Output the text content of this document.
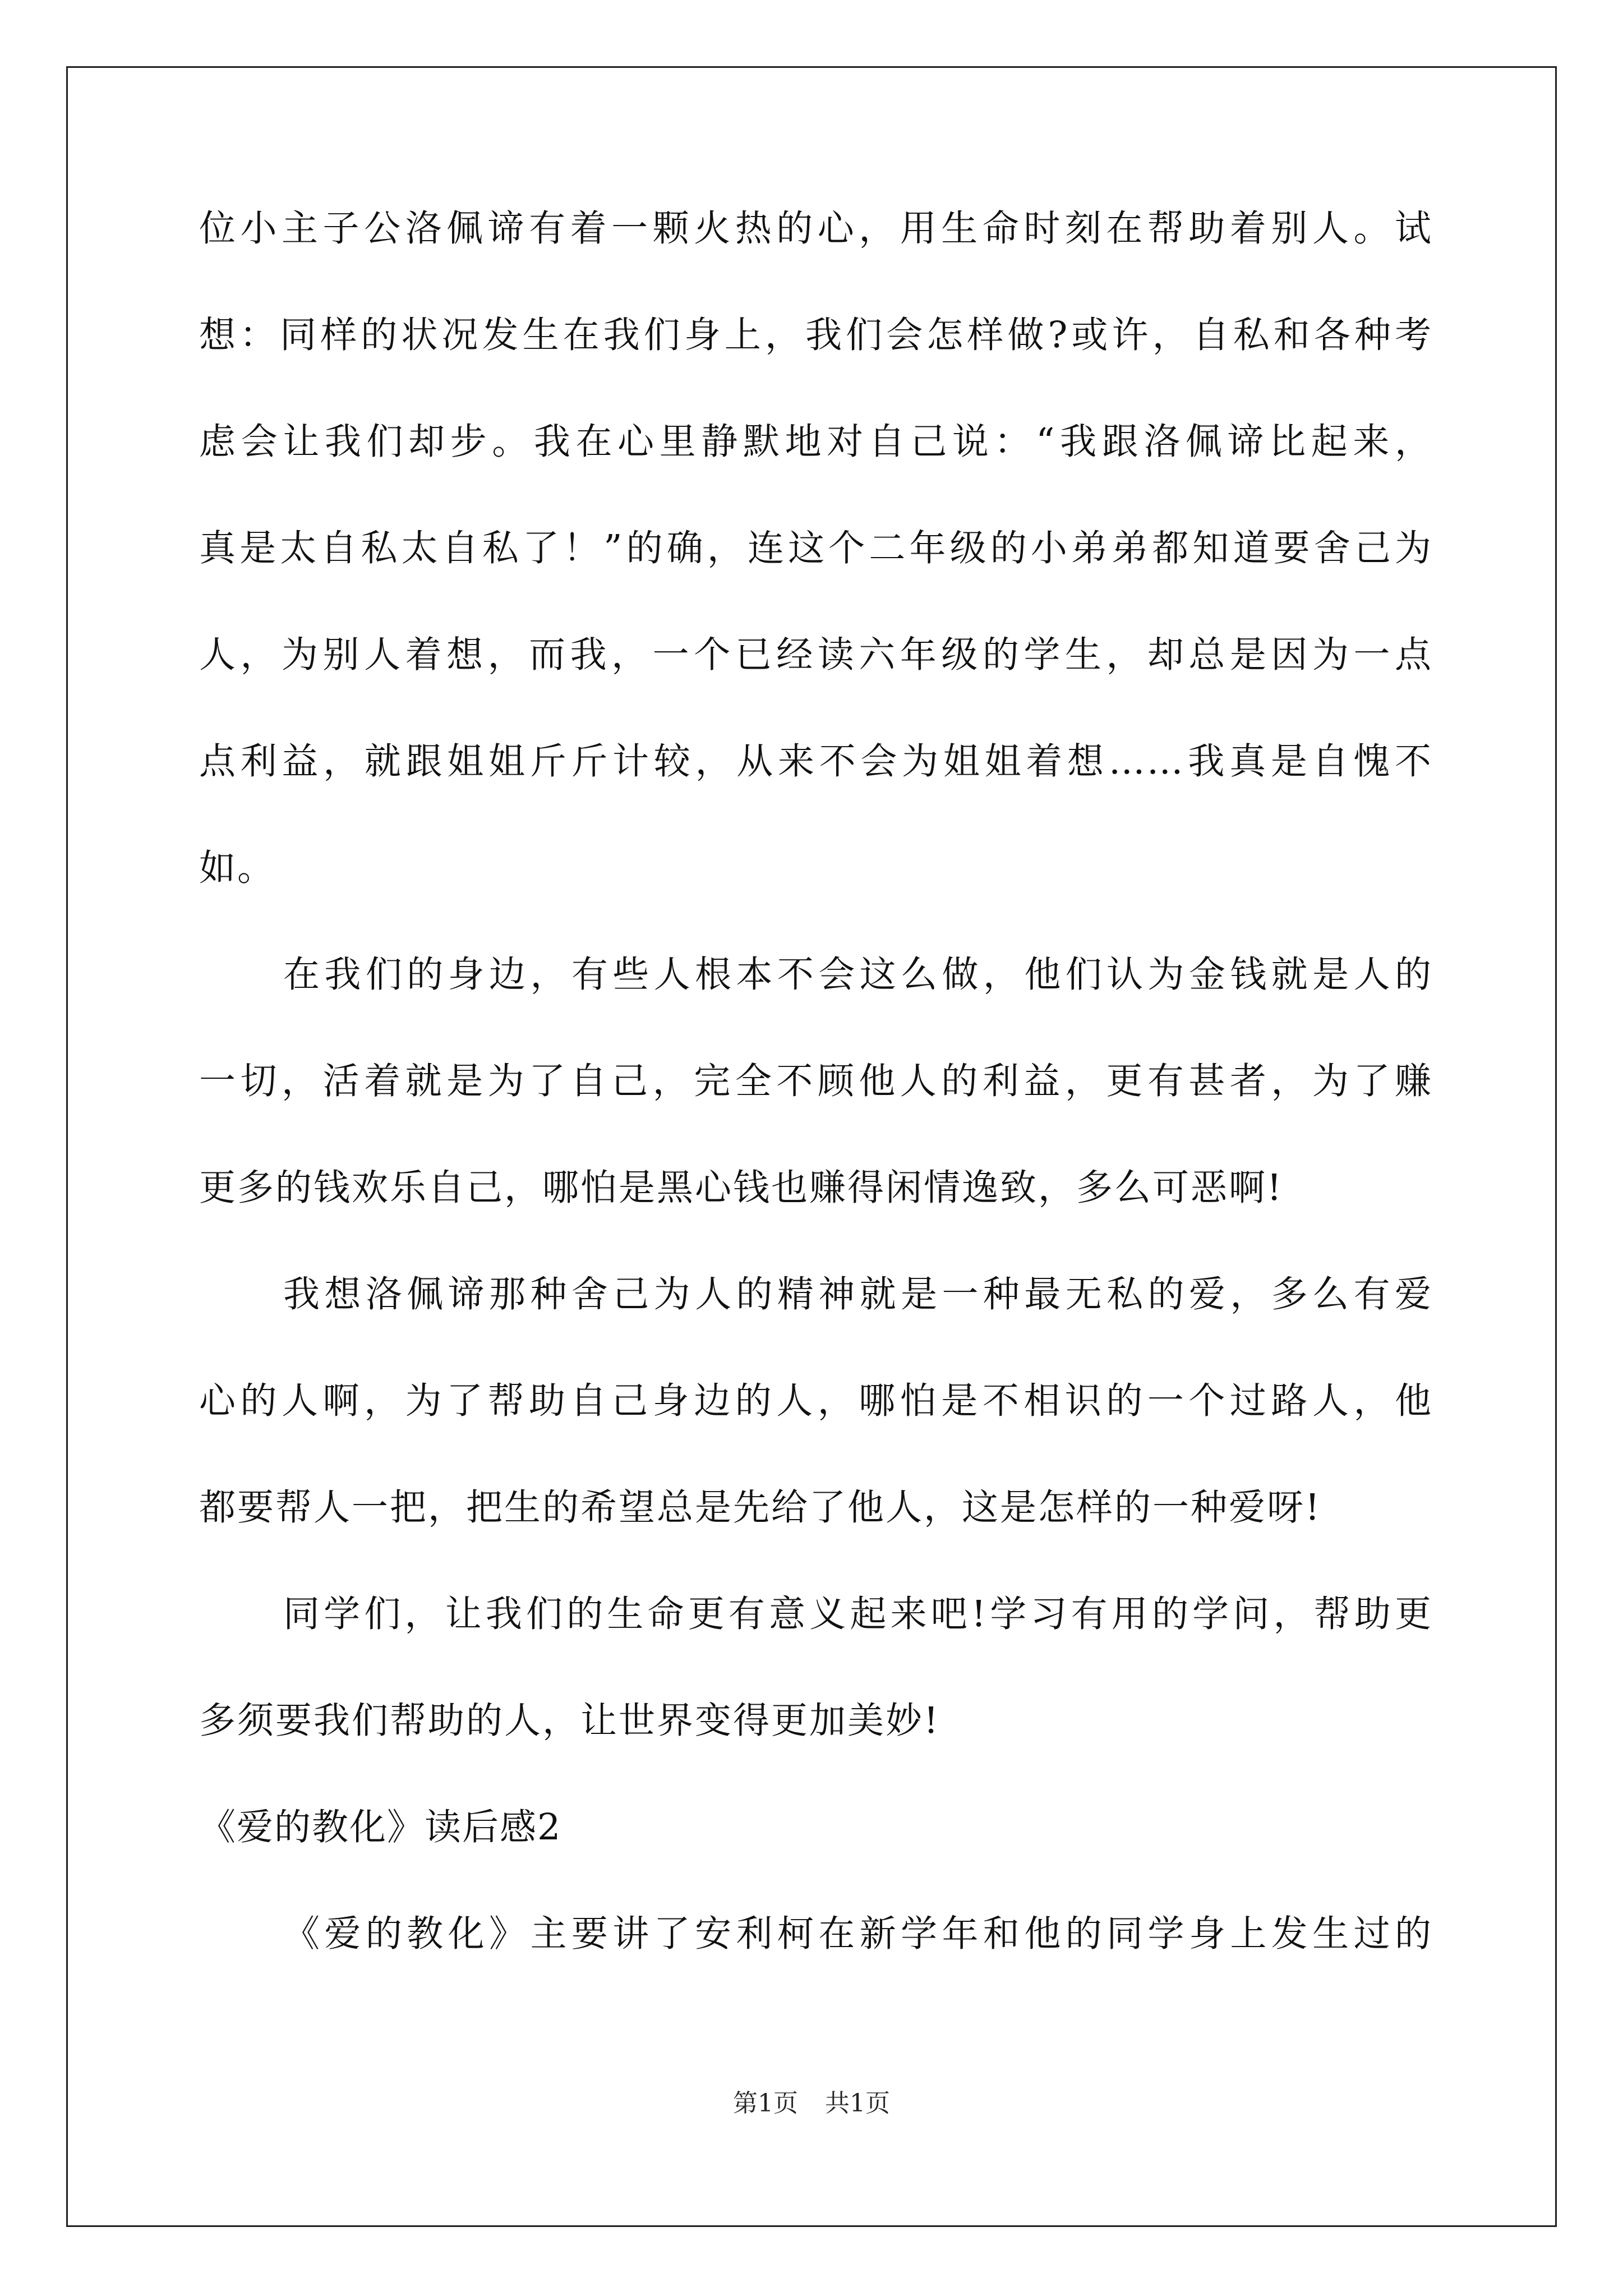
位小主子公洛佩谛有着一颗火热的心，用生命时刻在帮助着别人。试
想：同样的状况发生在我们身上，我们会怎样做?或许，自私和各种考
虑会让我们却步。我在心里静默地对自己说：“我跟洛佩谛比起来，
真是太自私太自私了！”的确，连这个二年级的小弟弟都知道要舍己为
人，为别人着想，而我，一个已经读六年级的学生，却总是因为一点
点利益，就跟姐姐斤斤计较，从来不会为姐姐着想……我真是自愧不
如。
在我们的身边，有些人根本不会这么做，他们认为金钱就是人的
一切，活着就是为了自己，完全不顾他人的利益，更有甚者，为了赚
更多的钱欢乐自己，哪怕是黑心钱也赚得闲情逸致，多么可恶啊!
我想洛佩谛那种舍己为人的精神就是一种最无私的爱，多么有爱
心的人啊，为了帮助自己身边的人，哪怕是不相识的一个过路人，他
都要帮人一把，把生的希望总是先给了他人，这是怎样的一种爱呀!
同学们，让我们的生命更有意义起来吧!学习有用的学问，帮助更
多须要我们帮助的人，让世界变得更加美妙!
《爱的教化》读后感2
《爱的教化》主要讲了安利柯在新学年和他的同学身上发生过的
第1页 共1页
